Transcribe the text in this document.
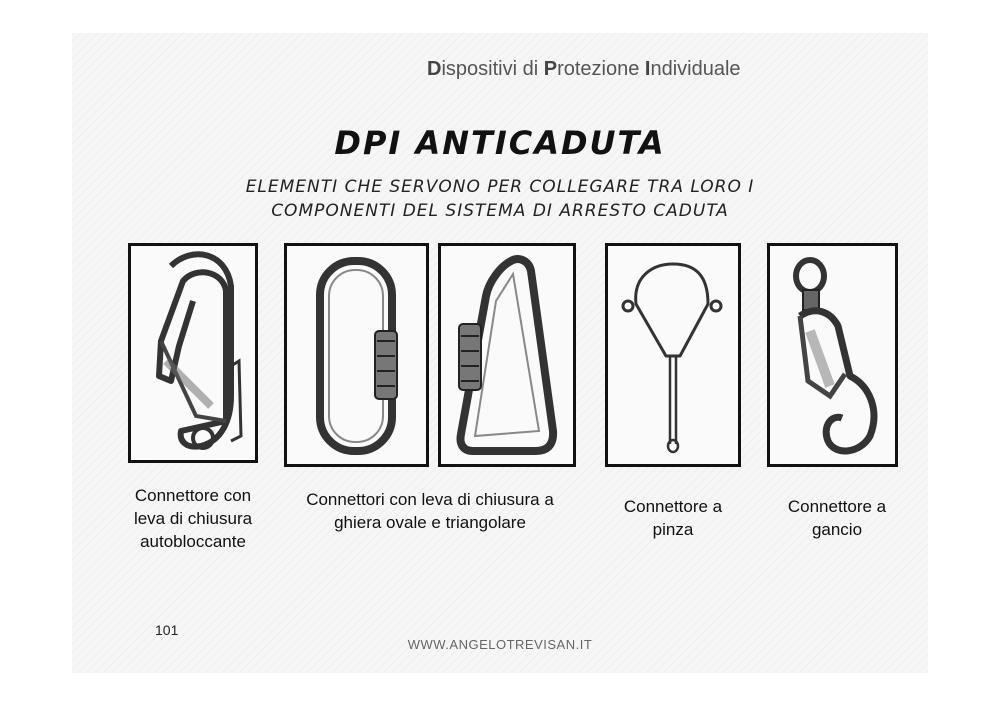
Dispositivi di Protezione Individuale
DPI ANTICADUTA
ELEMENTI CHE SERVONO PER COLLEGARE TRA LORO I
COMPONENTI DEL SISTEMA DI ARRESTO CADUTA
Connettore con
leva di chiusura
autobloccante
Connettori con leva di chiusura a
ghiera ovale e triangolare
Connettore a
pinza
Connettore a
gancio
101
WWW.ANGELOTREVISAN.IT
